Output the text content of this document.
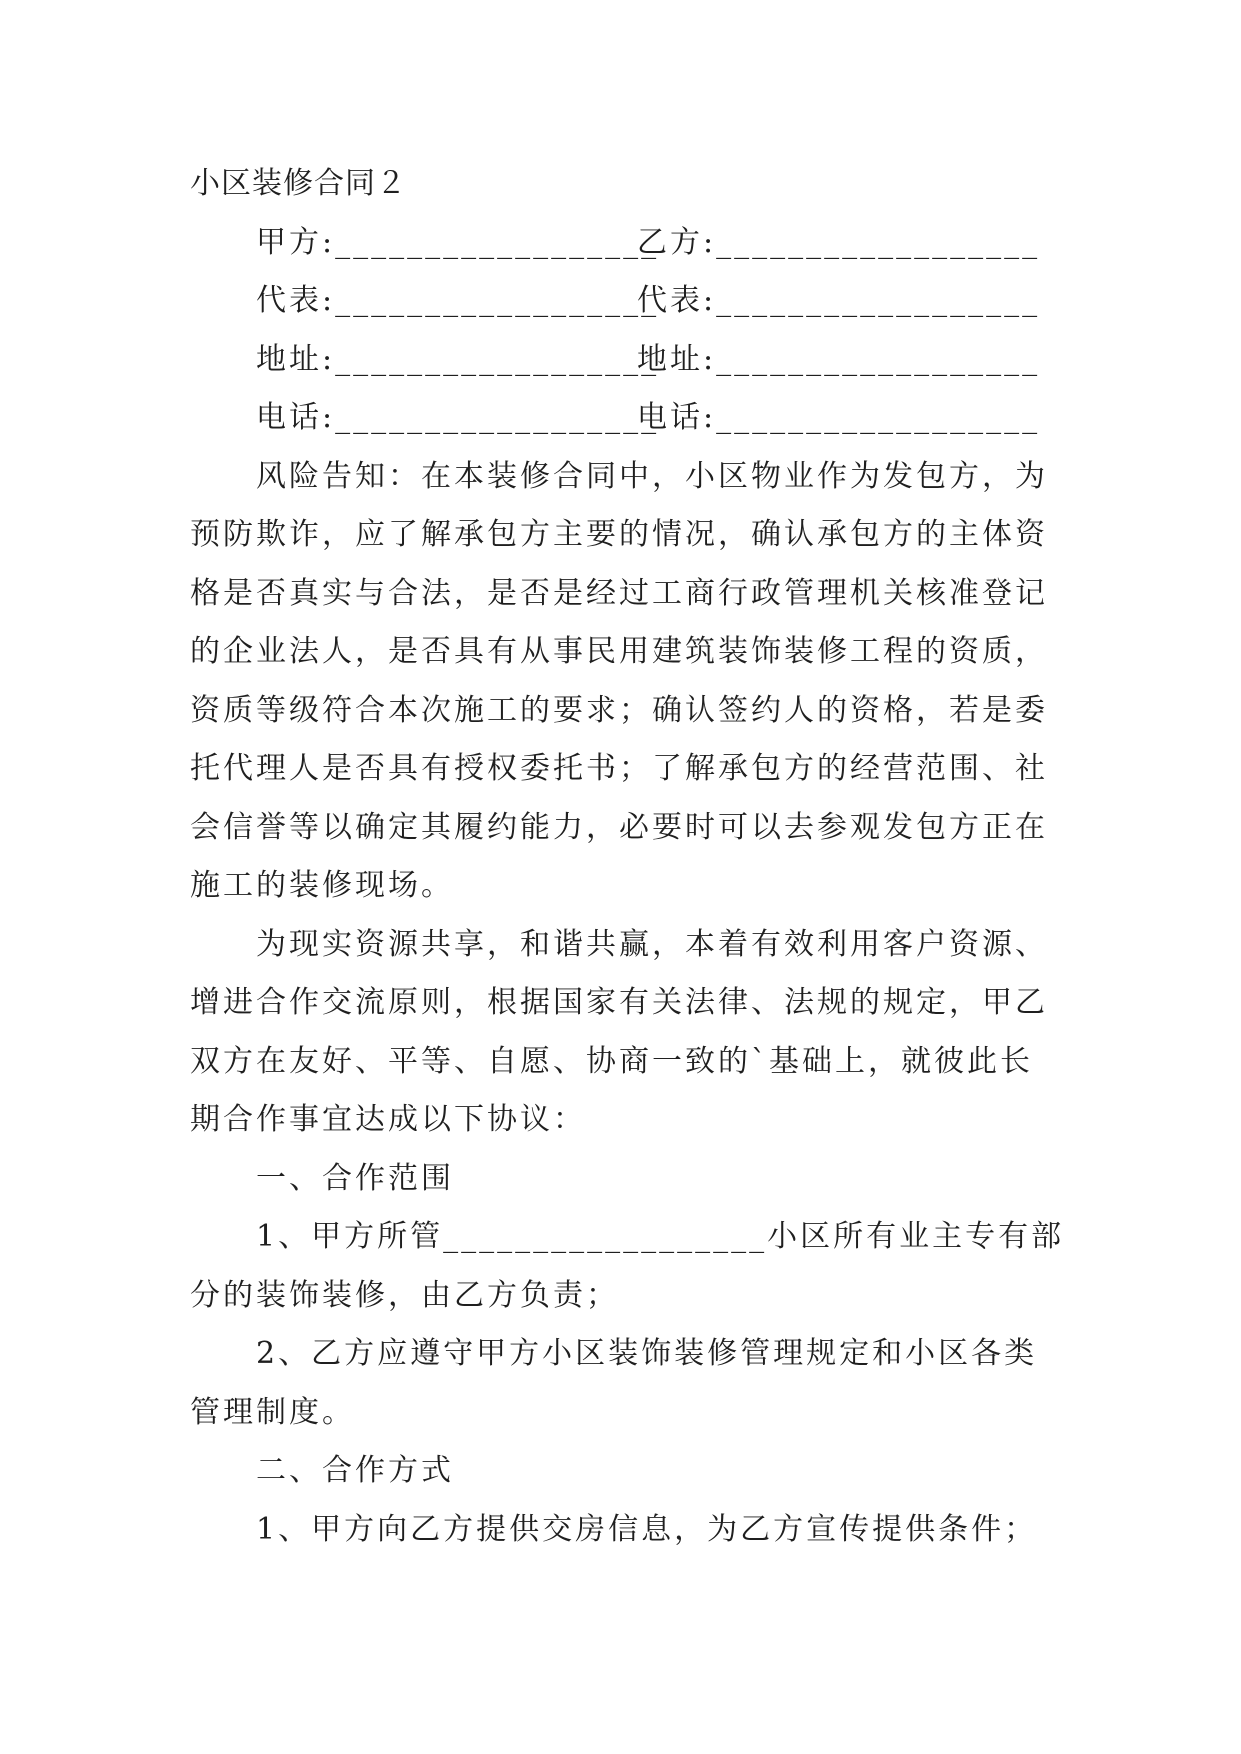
小区装修合同２
甲方:__________________
乙方:__________________
代表:__________________
代表:__________________
地址:__________________
地址:__________________
电话:__________________
电话:__________________
风险告知：在本装修合同中，小区物业作为发包方，为
预防欺诈，应了解承包方主要的情况，确认承包方的主体资
格是否真实与合法，是否是经过工商行政管理机关核准登记
的企业法人，是否具有从事民用建筑装饰装修工程的资质，
资质等级符合本次施工的要求；确认签约人的资格，若是委
托代理人是否具有授权委托书；了解承包方的经营范围、社
会信誉等以确定其履约能力，必要时可以去参观发包方正在
施工的装修现场。
为现实资源共享，和谐共赢，本着有效利用客户资源、
增进合作交流原则，根据国家有关法律、法规的规定，甲乙
双方在友好、平等、自愿、协商一致的`基础上，就彼此长
期合作事宜达成以下协议：
一、合作范围
1、甲方所管__________________小区所有业主专有部
分的装饰装修，由乙方负责；
2、乙方应遵守甲方小区装饰装修管理规定和小区各类
管理制度。
二、合作方式
1、甲方向乙方提供交房信息，为乙方宣传提供条件；
